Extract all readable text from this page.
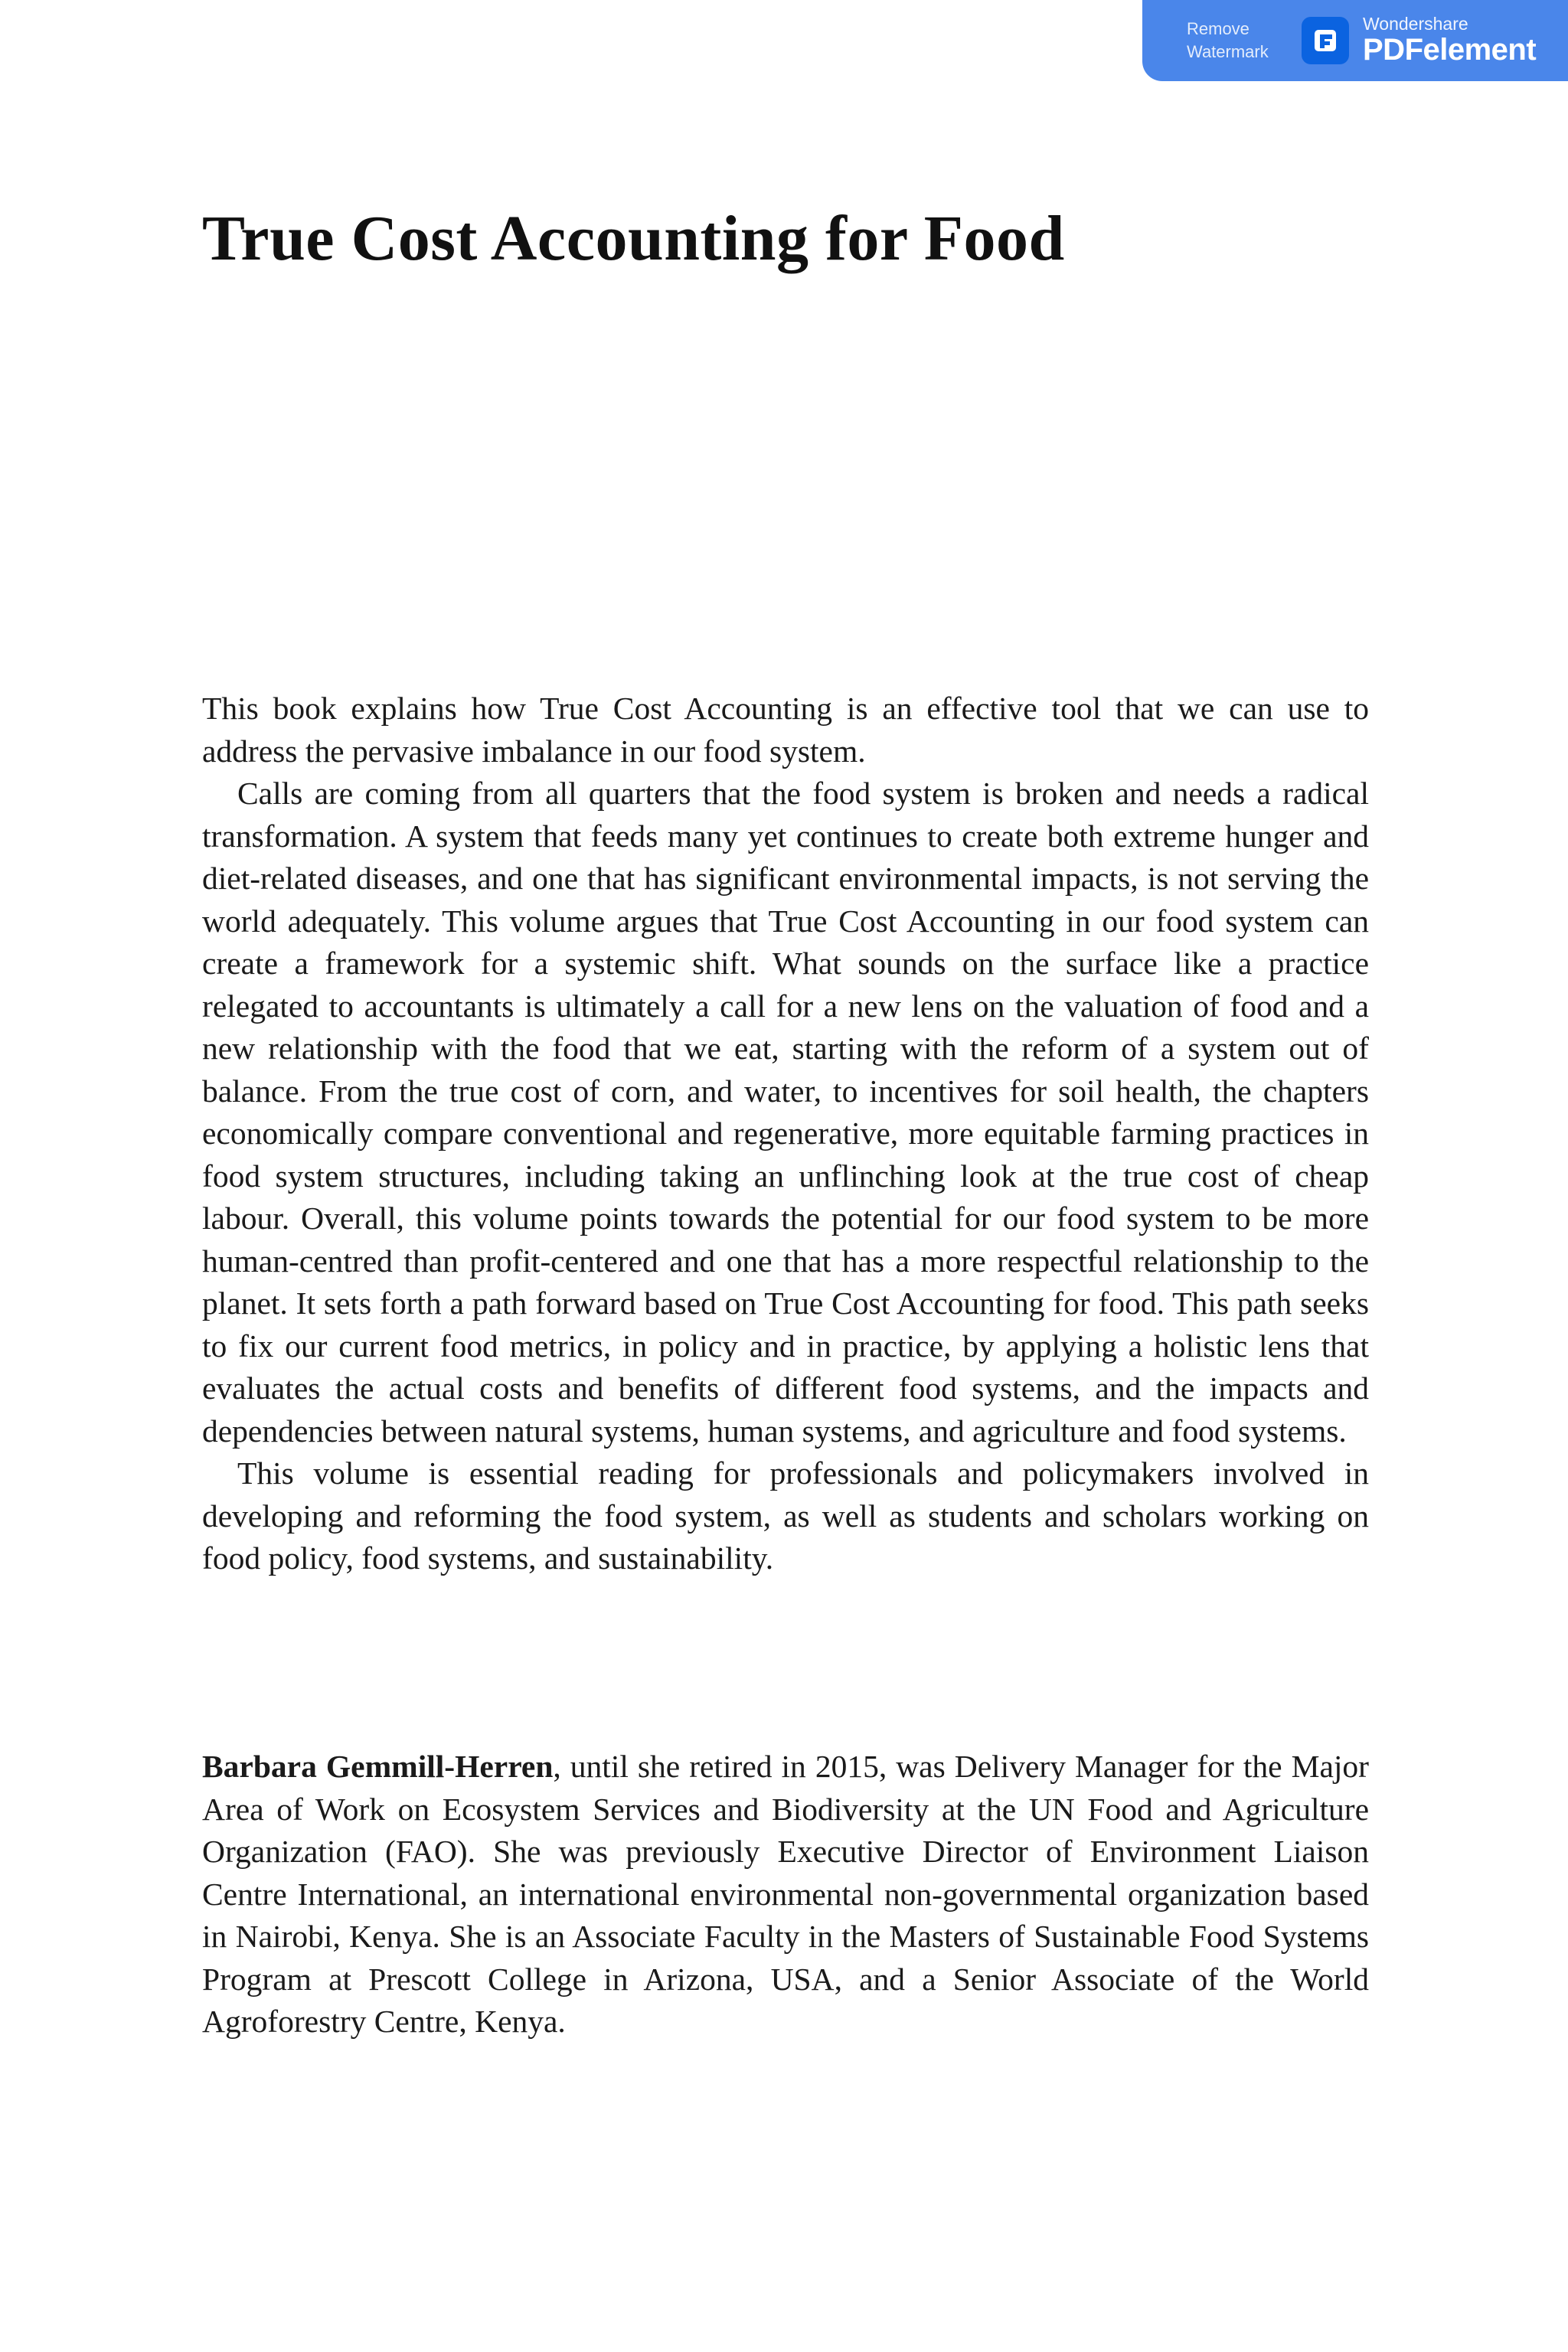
Remove
Watermark
Wondershare
PDFelement
True Cost Accounting for Food

This book explains how True Cost Accounting is an effective tool that we can use to address the pervasive imbalance in our food system.

Calls are coming from all quarters that the food system is broken and needs a radical transformation. A system that feeds many yet continues to create both extreme hunger and diet-related diseases, and one that has significant environmental impacts, is not serving the world adequately. This volume argues that True Cost Accounting in our food system can create a framework for a systemic shift. What sounds on the surface like a practice relegated to accountants is ultimately a call for a new lens on the valuation of food and a new relationship with the food that we eat, starting with the reform of a system out of balance. From the true cost of corn, and water, to incentives for soil health, the chapters economically compare conventional and regenerative, more equitable farming practices in food system structures, including taking an unflinching look at the true cost of cheap labour. Overall, this volume points towards the potential for our food system to be more human-centred than profit-centered and one that has a more respectful relationship to the planet. It sets forth a path forward based on True Cost Accounting for food. This path seeks to fix our current food metrics, in policy and in practice, by applying a holistic lens that evaluates the actual costs and benefits of different food systems, and the impacts and dependencies between natural systems, human systems, and agriculture and food systems.

This volume is essential reading for professionals and policymakers involved in developing and reforming the food system, as well as students and scholars working on food policy, food systems, and sustainability.

Barbara Gemmill-Herren, until she retired in 2015, was Delivery Manager for the Major Area of Work on Ecosystem Services and Biodiversity at the UN Food and Agriculture Organization (FAO). She was previously Executive Director of Environment Liaison Centre International, an international environmental non-governmental organization based in Nairobi, Kenya. She is an Associate Faculty in the Masters of Sustainable Food Systems Program at Prescott College in Arizona, USA, and a Senior Associate of the World Agroforestry Centre, Kenya.
